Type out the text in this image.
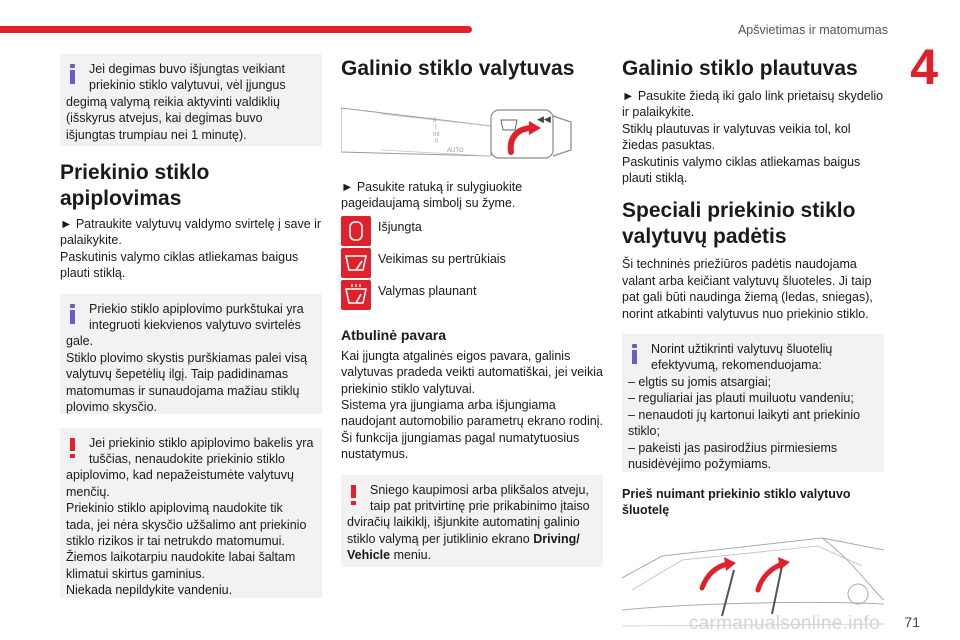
Apšvietimas ir matomumas
4

Jei degimas buvo išjungtas veikiant
priekinio stiklo valytuvui, vėl įjungus
degimą valymą reikia aktyvinti valdiklių (išskyrus atvejus, kai degimas buvo išjungtas trumpiau nei 1 minutę).

Priekinio stiklo apiplovimas

► Patraukite valytuvų valdymo svirtelę į save ir palaikykite.

Paskutinis valymo ciklas atliekamas baigus plauti stiklą.

Priekio stiklo apiplovimo purkštukai yra
integruoti kiekvienos valytuvo svirtelės
gale.

Stiklo plovimo skystis purškiamas palei visą valytuvų šepetėlių ilgį. Taip padidinamas matomumas ir sunaudojama mažiau stiklų plovimo skysčio.

Jei priekinio stiklo apiplovimo bakelis yra
tuščias, nenaudokite priekinio stiklo
apiplovimo, kad nepažeistumėte valytuvų menčių.

Priekinio stiklo apiplovimą naudokite tik tada, jei nėra skysčio užšalimo ant priekinio stiklo rizikos ir tai netrukdo matomumui. Žiemos laikotarpiu naudokite labai šaltam klimatui skirtus gaminius.

Niekada nepildykite vandeniu.

Galinio stiklo valytuvas
II
I
Int
0
AUTO
◀◀

► Pasukite ratuką ir sulygiuokite pageidaujamą simbolį su žyme.

Išjungta
Veikimas su pertrūkiais
Valymas plaunant
Atbulinė pavara

Kai įjungta atgalinės eigos pavara, galinis valytuvas pradeda veikti automatiškai, jei veikia priekinio stiklo valytuvai.

Sistema yra įjungiama arba išjungiama naudojant automobilio parametrų ekrano rodinį.

Ši funkcija įjungiamas pagal numatytuosius nustatymus.

Sniego kaupimosi arba plikšalos atveju,
taip pat pritvirtinę prie prikabinimo įtaiso
dviračių laikiklį, išjunkite automatinį galinio stiklo valymą per jutiklinio ekrano Driving/ Vehicle meniu.

Galinio stiklo plautuvas

► Pasukite žiedą iki galo link prietaisų skydelio ir palaikykite.

Stiklų plautuvas ir valytuvas veikia tol, kol žiedas pasuktas.

Paskutinis valymo ciklas atliekamas baigus plauti stiklą.

Speciali priekinio stiklo valytuvų padėtis

Ši techninės priežiūros padėtis naudojama valant arba keičiant valytuvų šluoteles. Ji taip pat gali būti naudinga žiemą (ledas, sniegas), norint atkabinti valytuvus nuo priekinio stiklo.

Norint užtikrinti valytuvų šluotelių
efektyvumą, rekomenduojama:

– elgtis su jomis atsargiai;

– reguliariai jas plauti muiluotu vandeniu;

– nenaudoti jų kartonui laikyti ant priekinio stiklo;

– pakeisti jas pasirodžius pirmiesiems nusidėvėjimo požymiams.

Prieš nuimant priekinio stiklo valytuvo šluotelę
carmanualsonline.info 71
